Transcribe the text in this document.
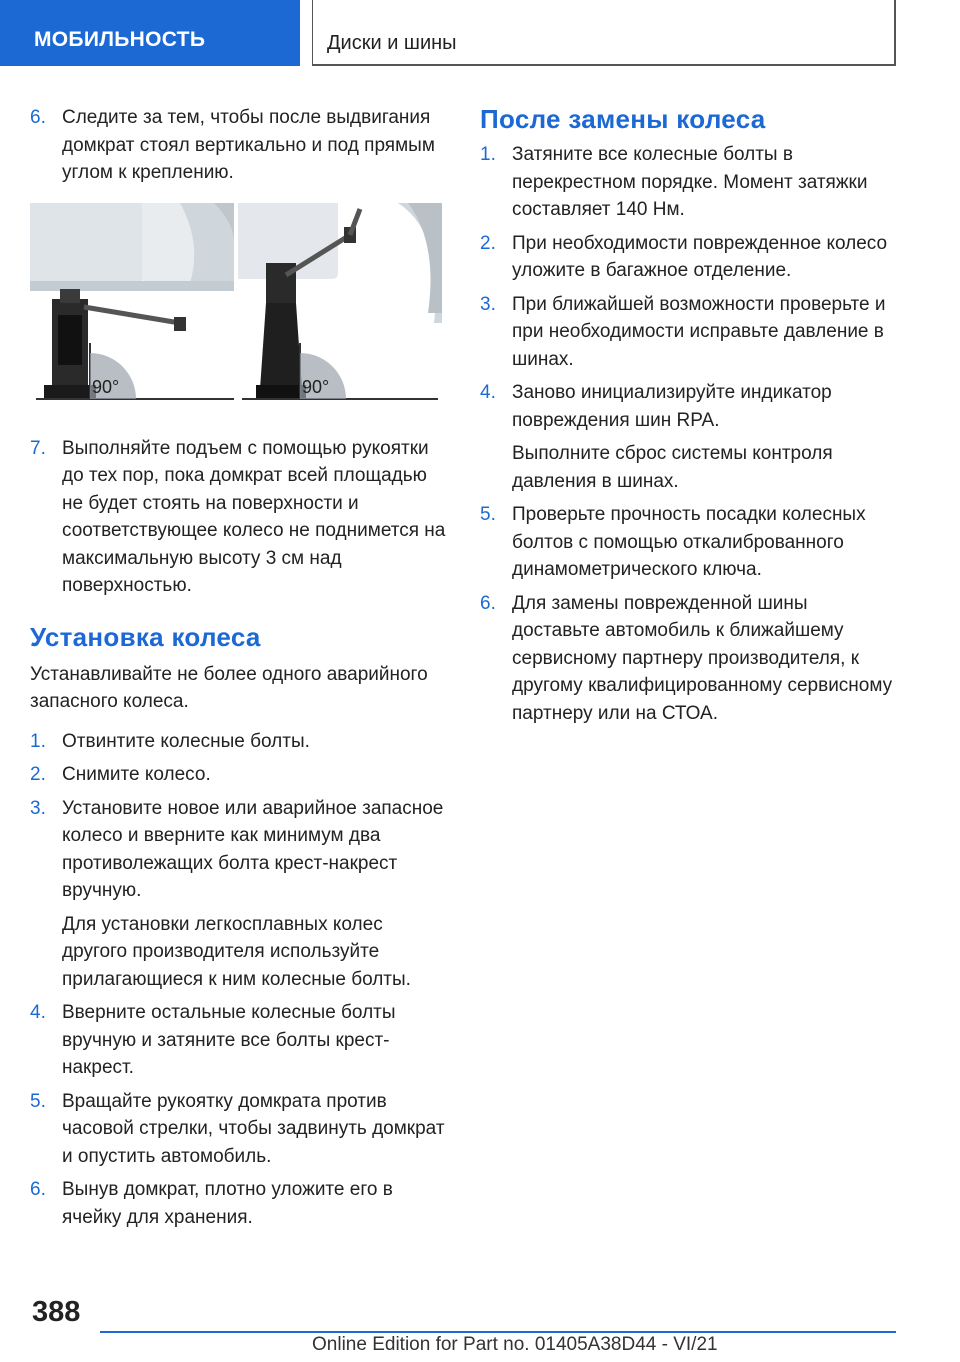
МОБИЛЬНОСТЬ	Диски и шины
6. Следите за тем, чтобы после выдвигания домкрат стоял вертикально и под прямым углом к креплению.
90°	90°
7. Выполняйте подъем с помощью рукоятки до тех пор, пока домкрат всей площадью не будет стоять на поверхности и соответствующее колесо не поднимется на максимальную высоту 3 см над поверхностью.
Установка колеса
Устанавливайте не более одного аварийного запасного колеса.
1. Отвинтите колесные болты.
2. Снимите колесо.
3. Установите новое или аварийное запасное колесо и вверните как минимум два противолежащих болта крест-накрест вручную.
Для установки легкосплавных колес другого производителя используйте прилагающиеся к ним колесные болты.
4. Вверните остальные колесные болты вручную и затяните все болты крест-накрест.
5. Вращайте рукоятку домкрата против часовой стрелки, чтобы задвинуть домкрат и опустить автомобиль.
6. Вынув домкрат, плотно уложите его в ячейку для хранения.
После замены колеса
1. Затяните все колесные болты в перекрестном порядке. Момент затяжки составляет 140 Нм.
2. При необходимости поврежденное колесо уложите в багажное отделение.
3. При ближайшей возможности проверьте и при необходимости исправьте давление в шинах.
4. Заново инициализируйте индикатор повреждения шин RPA.
Выполните сброс системы контроля давления в шинах.
5. Проверьте прочность посадки колесных болтов с помощью откалиброванного динамометрического ключа.
6. Для замены поврежденной шины доставьте автомобиль к ближайшему сервисному партнеру производителя, к другому квалифицированному сервисному партнеру или на СТОА.
388
Online Edition for Part no. 01405A38D44 - VI/21
